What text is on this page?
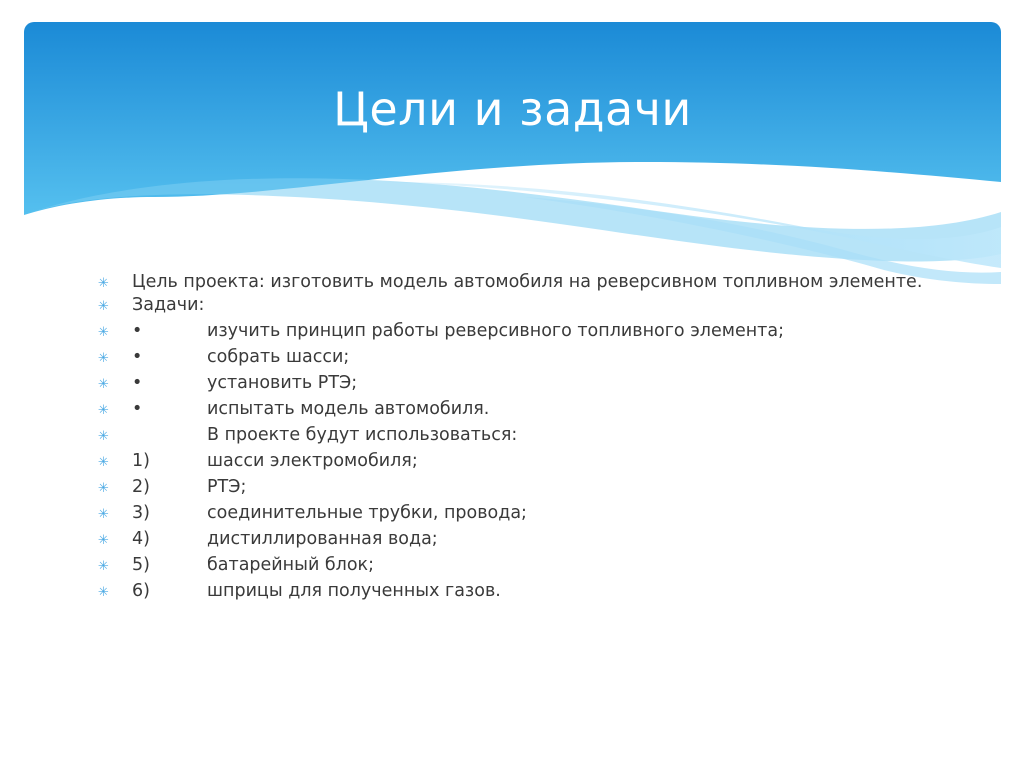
Цели и задачи
✳ Цель проекта: изготовить модель автомобиля на реверсивном топливном элементе.
✳ Задачи:
✳ •	изучить принцип работы реверсивного топливного элемента;
✳ •	собрать шасси;
✳ •	установить РТЭ;
✳ •	испытать модель автомобиля.
✳	В проекте будут использоваться:
✳ 1)	шасси электромобиля;
✳ 2)	РТЭ;
✳ 3)	соединительные трубки, провода;
✳ 4)	дистиллированная вода;
✳ 5)	батарейный блок;
✳ 6)	шприцы для полученных газов.
